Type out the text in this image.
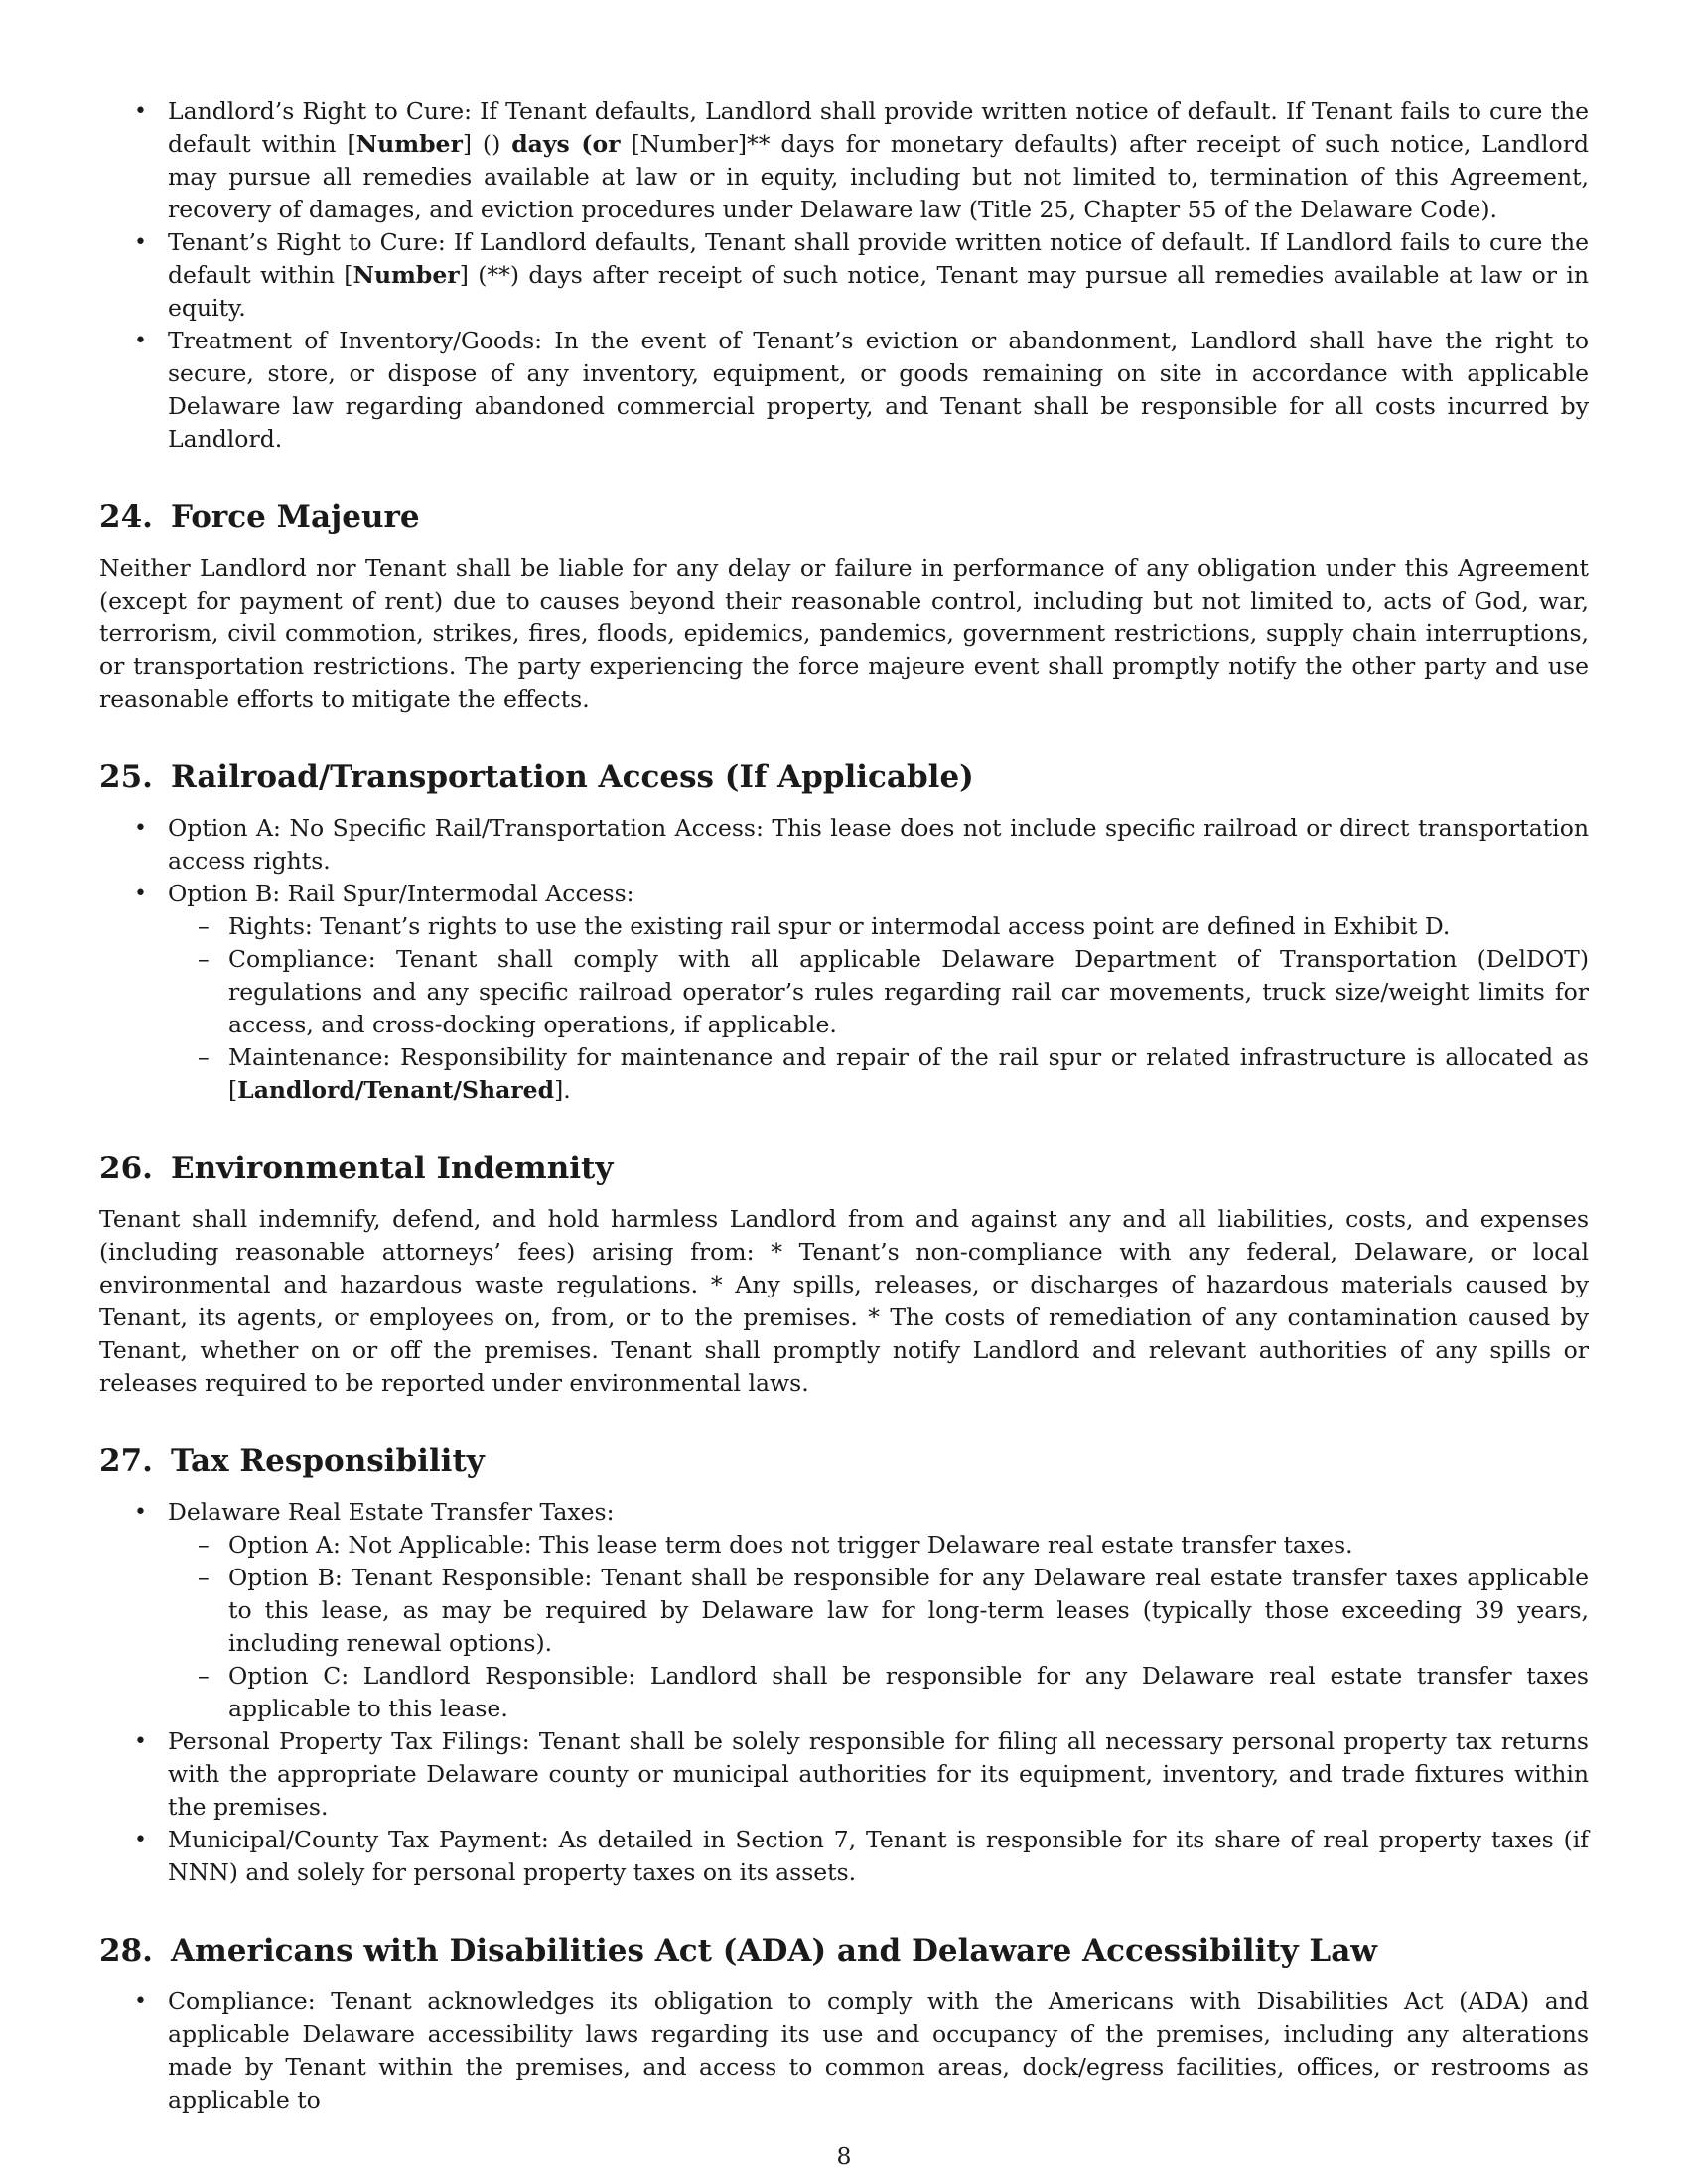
• Landlord’s Right to Cure: If Tenant defaults, Landlord shall provide written notice of default. If Tenant fails to cure the default within [Number] () days (or [Number]** days for monetary defaults) after receipt of such notice, Landlord may pursue all remedies available at law or in equity, including but not limited to, termination of this Agreement, recovery of damages, and eviction procedures under Delaware law (Title 25, Chapter 55 of the Delaware Code).
• Tenant’s Right to Cure: If Landlord defaults, Tenant shall provide written notice of default. If Landlord fails to cure the default within [Number] (**) days after receipt of such notice, Tenant may pursue all remedies available at law or in equity.
• Treatment of Inventory/Goods: In the event of Tenant’s eviction or abandonment, Landlord shall have the right to secure, store, or dispose of any inventory, equipment, or goods remaining on site in accordance with applicable Delaware law regarding abandoned commercial property, and Tenant shall be responsible for all costs incurred by Landlord.
24. Force Majeure

Neither Landlord nor Tenant shall be liable for any delay or failure in performance of any obligation under this Agreement (except for payment of rent) due to causes beyond their reasonable control, including but not limited to, acts of God, war, terrorism, civil commotion, strikes, fires, floods, epidemics, pandemics, government restrictions, supply chain interruptions, or transportation restrictions. The party experiencing the force majeure event shall promptly notify the other party and use reasonable efforts to mitigate the effects.

25. Railroad/Transportation Access (If Applicable)
• Option A: No Specific Rail/Transportation Access: This lease does not include specific railroad or direct transportation access rights.
• Option B: Rail Spur/Intermodal Access:
– Rights: Tenant’s rights to use the existing rail spur or intermodal access point are defined in Exhibit D.
– Compliance: Tenant shall comply with all applicable Delaware Department of Transportation (DelDOT) regulations and any specific railroad operator’s rules regarding rail car movements, truck size/weight limits for access, and cross-docking operations, if applicable.
– Maintenance: Responsibility for maintenance and repair of the rail spur or related infrastructure is allocated as [Landlord/Tenant/Shared].
26. Environmental Indemnity

Tenant shall indemnify, defend, and hold harmless Landlord from and against any and all liabilities, costs, and expenses (including reasonable attorneys’ fees) arising from: * Tenant’s non-compliance with any federal, Delaware, or local environmental and hazardous waste regulations. * Any spills, releases, or discharges of hazardous materials caused by Tenant, its agents, or employees on, from, or to the premises. * The costs of remediation of any contamination caused by Tenant, whether on or off the premises. Tenant shall promptly notify Landlord and relevant authorities of any spills or releases required to be reported under environmental laws.

27. Tax Responsibility
• Delaware Real Estate Transfer Taxes:
– Option A: Not Applicable: This lease term does not trigger Delaware real estate transfer taxes.
– Option B: Tenant Responsible: Tenant shall be responsible for any Delaware real estate transfer taxes applicable to this lease, as may be required by Delaware law for long-term leases (typically those exceeding 39 years, including renewal options).
– Option C: Landlord Responsible: Landlord shall be responsible for any Delaware real estate transfer taxes applicable to this lease.
• Personal Property Tax Filings: Tenant shall be solely responsible for filing all necessary personal property tax returns with the appropriate Delaware county or municipal authorities for its equipment, inventory, and trade fixtures within the premises.
• Municipal/County Tax Payment: As detailed in Section 7, Tenant is responsible for its share of real property taxes (if NNN) and solely for personal property taxes on its assets.
28. Americans with Disabilities Act (ADA) and Delaware Accessibility Law
• Compliance: Tenant acknowledges its obligation to comply with the Americans with Disabilities Act (ADA) and applicable Delaware accessibility laws regarding its use and occupancy of the premises, including any alterations made by Tenant within the premises, and access to common areas, dock/egress facilities, offices, or restrooms as applicable to
8
